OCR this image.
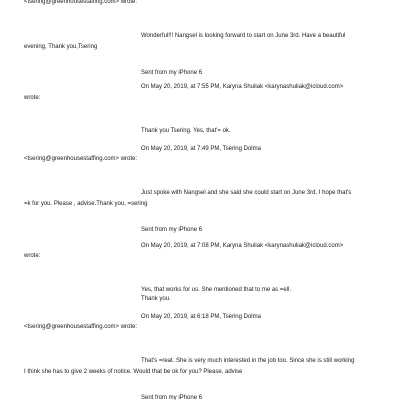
<tsering@greenhousestaffing.com> wrote:

Wonderful!!! Nangsel is looking forward to start on June 3rd. Have a beautiful

evening, Thank you,Tsering

Sent from my iPhone 6

On May 20, 2019, at 7:55 PM, Karyna Shuliak <karynashuliak@icloud.com>

wrote:

Thank you Tsering. Yes, that'= ok.

On May 20, 2019, at 7:49 PM, Tsering Dolma

<tsering@greenhousestaffing.com> wrote:

Just spoke with Nangsel and she said she could start on June 3rd. I hope that's

=k for you. Please , advise.Thank you, =sering

Sent from my iPhone 6

On May 20, 2019, at 7:08 PM, Karyna Shuliak <karynashuliak@icloud.com>

wrote:

Yes, that works for us. She mentioned that to me as =ell.

Thank you.

On May 20, 2019, at 6:18 PM, Tsering Dolma

<tsering@greenhousestaffing.com> wrote:

That's =reat. She is very much interested in the job too. Since she is still working

I think she has to give 2 weeks of notice. Would that be ok for you? Please, advise

Sent from my iPhone 6
